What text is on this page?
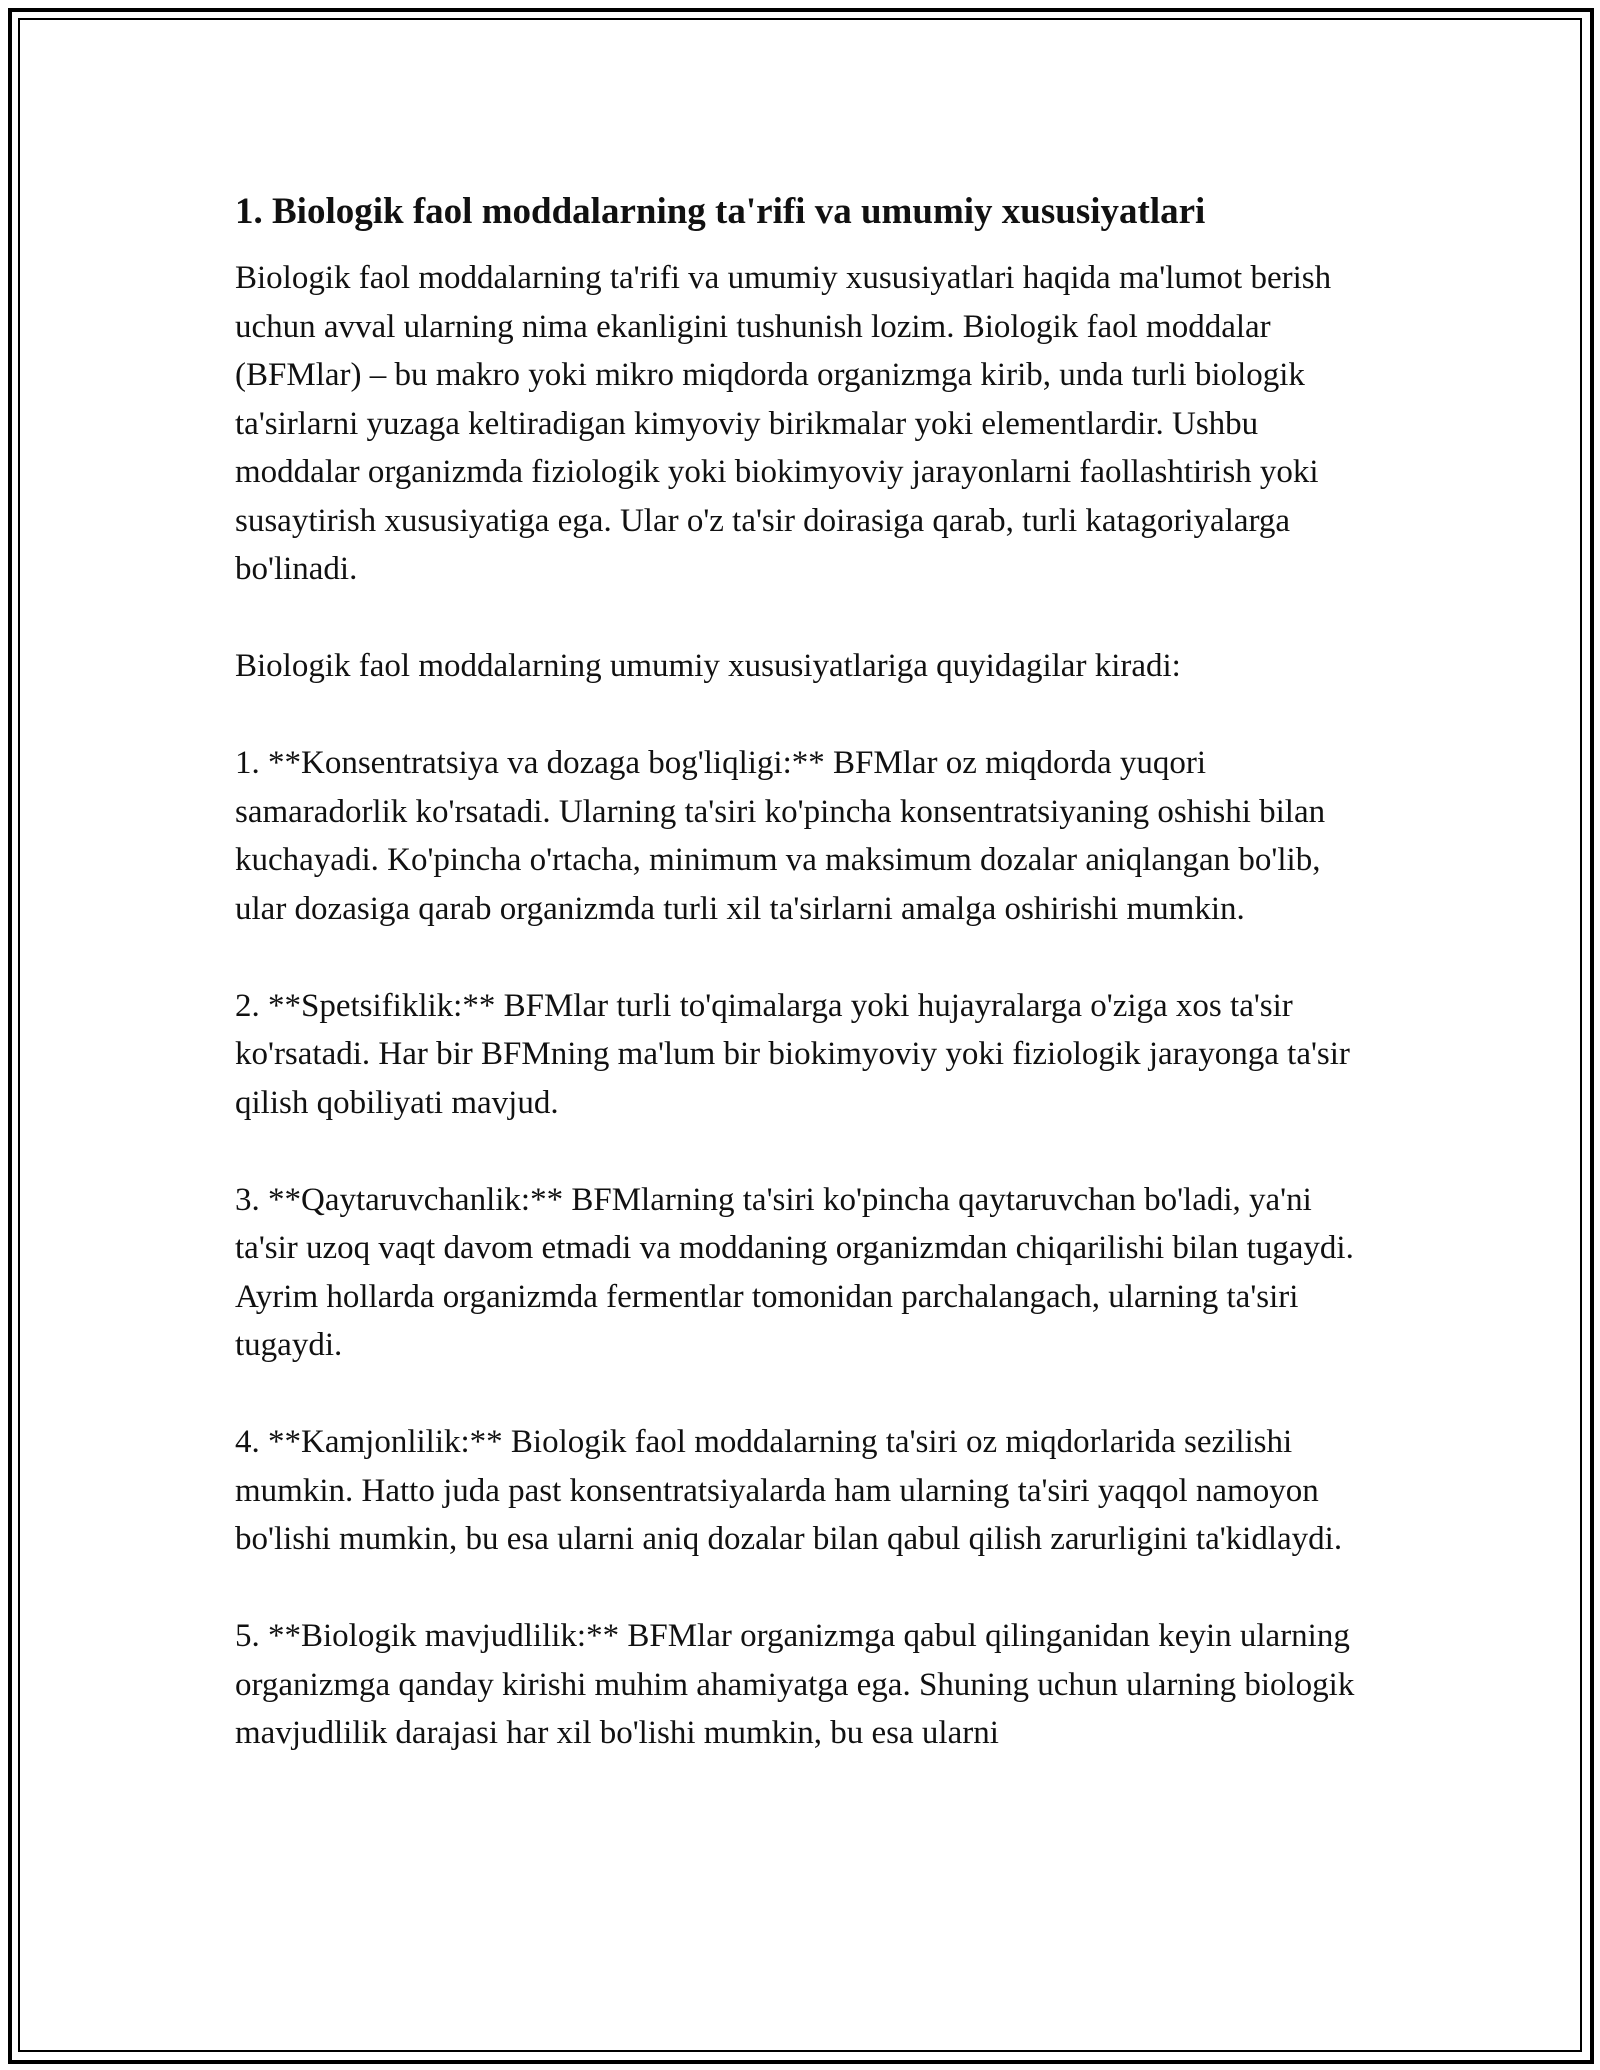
1. Biologik faol moddalarning ta'rifi va umumiy xususiyatlari

Biologik faol moddalarning ta'rifi va umumiy xususiyatlari haqida ma'lumot berish uchun avval ularning nima ekanligini tushunish lozim. Biologik faol moddalar (BFMlar) – bu makro yoki mikro miqdorda organizmga kirib, unda turli biologik ta'sirlarni yuzaga keltiradigan kimyoviy birikmalar yoki elementlardir. Ushbu moddalar organizmda fiziologik yoki biokimyoviy jarayonlarni faollashtirish yoki susaytirish xususiyatiga ega. Ular o'z ta'sir doirasiga qarab, turli katagoriyalarga bo'linadi.

Biologik faol moddalarning umumiy xususiyatlariga quyidagilar kiradi:

1. **Konsentratsiya va dozaga bog'liqligi:** BFMlar oz miqdorda yuqori samaradorlik ko'rsatadi. Ularning ta'siri ko'pincha konsentratsiyaning oshishi bilan kuchayadi. Ko'pincha o'rtacha, minimum va maksimum dozalar aniqlangan bo'lib, ular dozasiga qarab organizmda turli xil ta'sirlarni amalga oshirishi mumkin.

2. **Spetsifiklik:** BFMlar turli to'qimalarga yoki hujayralarga o'ziga xos ta'sir ko'rsatadi. Har bir BFMning ma'lum bir biokimyoviy yoki fiziologik jarayonga ta'sir qilish qobiliyati mavjud.

3. **Qaytaruvchanlik:** BFMlarning ta'siri ko'pincha qaytaruvchan bo'ladi, ya'ni ta'sir uzoq vaqt davom etmadi va moddaning organizmdan chiqarilishi bilan tugaydi. Ayrim hollarda organizmda fermentlar tomonidan parchalangach, ularning ta'siri tugaydi.

4. **Kamjonlilik:** Biologik faol moddalarning ta'siri oz miqdorlarida sezilishi mumkin. Hatto juda past konsentratsiyalarda ham ularning ta'siri yaqqol namoyon bo'lishi mumkin, bu esa ularni aniq dozalar bilan qabul qilish zarurligini ta'kidlaydi.

5. **Biologik mavjudlilik:** BFMlar organizmga qabul qilinganidan keyin ularning organizmga qanday kirishi muhim ahamiyatga ega. Shuning uchun ularning biologik mavjudlilik darajasi har xil bo'lishi mumkin, bu esa ularni
